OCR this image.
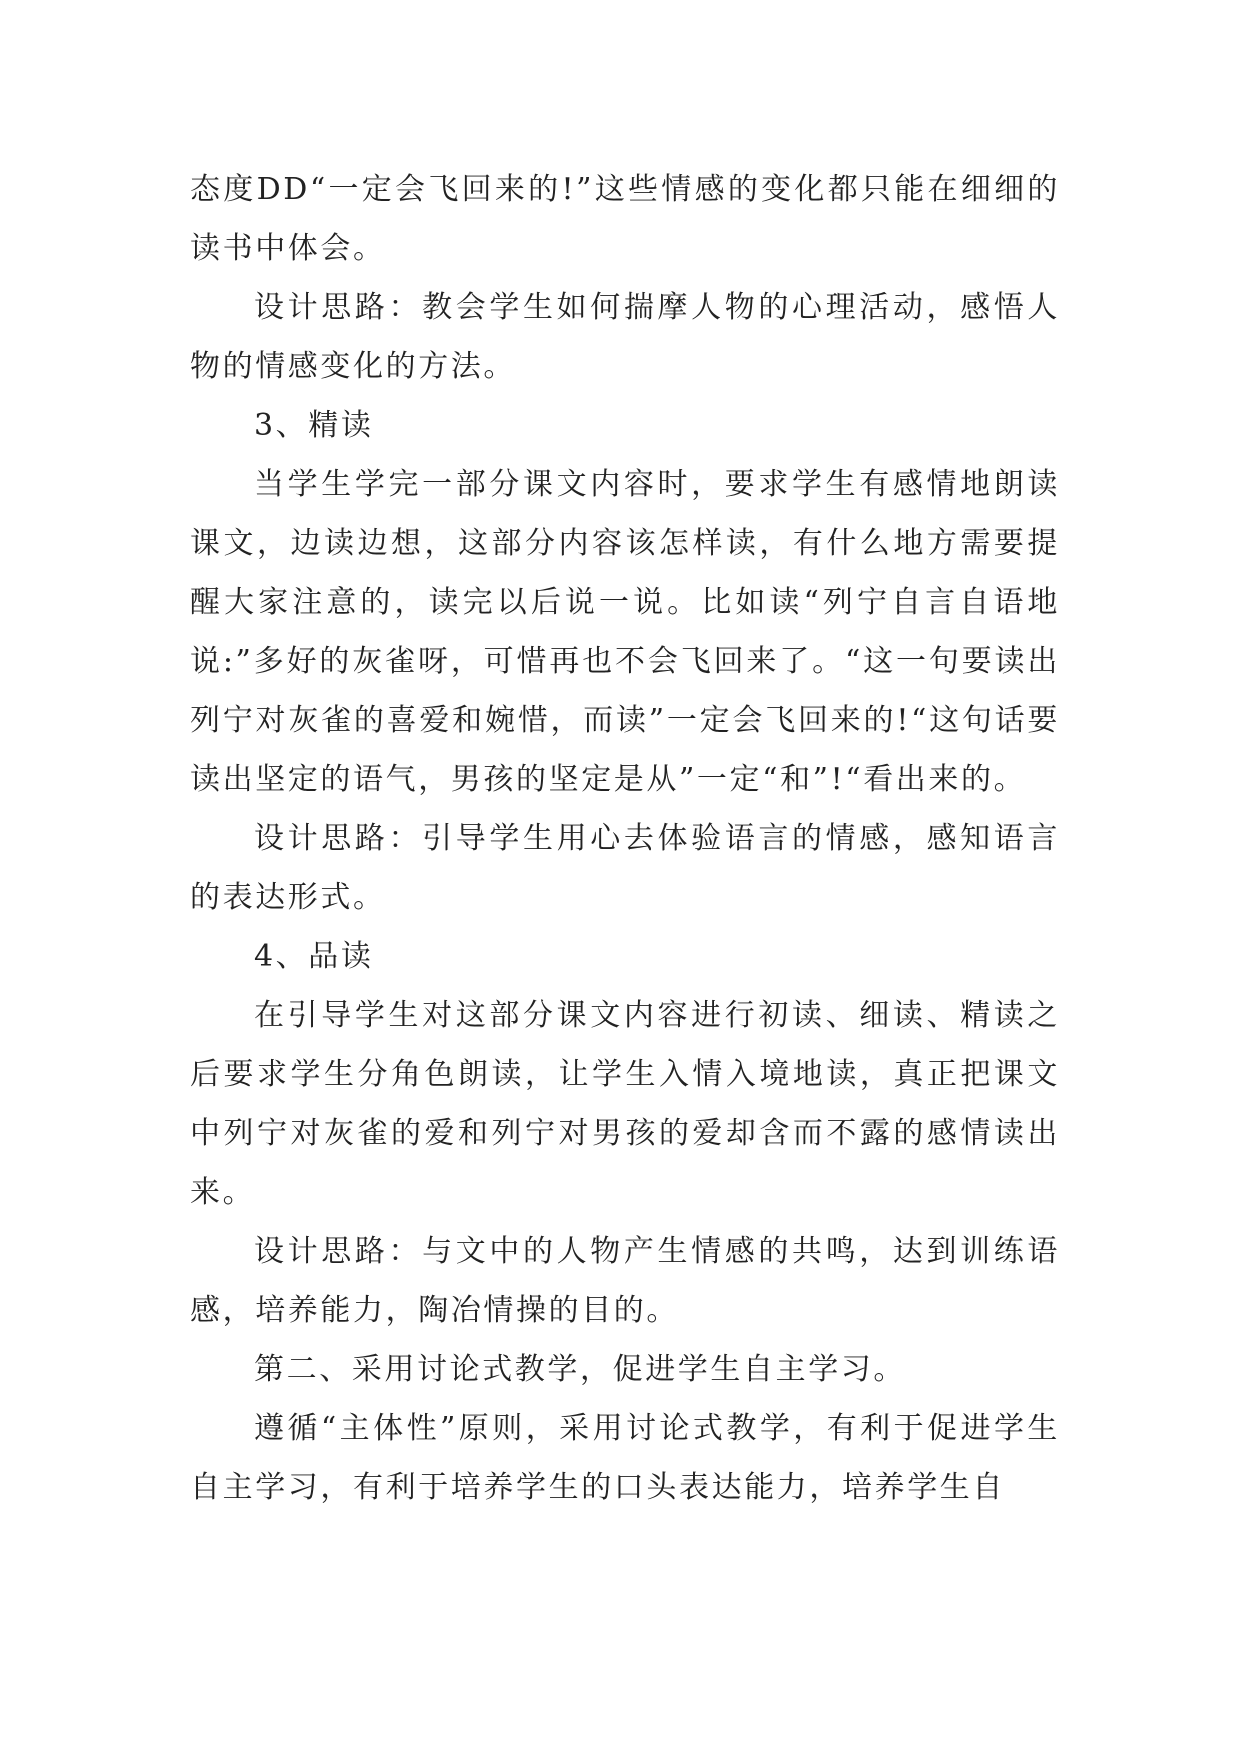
态度DD“一定会飞回来的!”这些情感的变化都只能在细细的读书中体会。

设计思路：教会学生如何揣摩人物的心理活动，感悟人物的情感变化的方法。

3、精读

当学生学完一部分课文内容时，要求学生有感情地朗读课文，边读边想，这部分内容该怎样读，有什么地方需要提醒大家注意的，读完以后说一说。比如读“列宁自言自语地说:”多好的灰雀呀，可惜再也不会飞回来了。“这一句要读出列宁对灰雀的喜爱和婉惜，而读”一定会飞回来的!“这句话要读出坚定的语气，男孩的坚定是从”一定“和”!“看出来的。

设计思路：引导学生用心去体验语言的情感，感知语言的表达形式。

4、品读

在引导学生对这部分课文内容进行初读、细读、精读之后要求学生分角色朗读，让学生入情入境地读，真正把课文中列宁对灰雀的爱和列宁对男孩的爱却含而不露的感情读出来。

设计思路：与文中的人物产生情感的共鸣，达到训练语感，培养能力，陶冶情操的目的。

第二、采用讨论式教学，促进学生自主学习。

遵循“主体性”原则，采用讨论式教学，有利于促进学生自主学习，有利于培养学生的口头表达能力，培养学生自
